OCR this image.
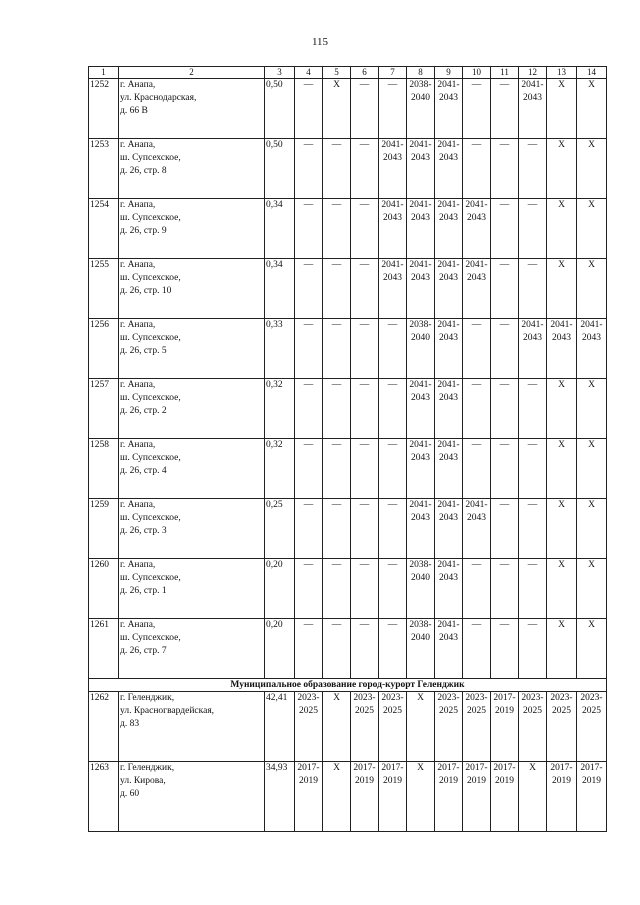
115
1	2	3	4	5	6	7	8	9	10	11	12	13	14
1252	г. Анапа,
ул. Краснодарская,
д. 66 В	0,50	—	X	—	—	2038-2040	2041-2043	—	—	2041-2043	X	X
1253	г. Анапа,
ш. Супсехское,
д. 26, стр. 8	0,50	—	—	—	2041-2043	2041-2043	2041-2043	—	—	—	X	X
1254	г. Анапа,
ш. Супсехское,
д. 26, стр. 9	0,34	—	—	—	2041-2043	2041-2043	2041-2043	2041-2043	—	—	X	X
1255	г. Анапа,
ш. Супсехское,
д. 26, стр. 10	0,34	—	—	—	2041-2043	2041-2043	2041-2043	2041-2043	—	—	X	X
1256	г. Анапа,
ш. Супсехское,
д. 26, стр. 5	0,33	—	—	—	—	2038-2040	2041-2043	—	—	2041-2043	2041-2043	2041-2043
1257	г. Анапа,
ш. Супсехское,
д. 26, стр. 2	0,32	—	—	—	—	2041-2043	2041-2043	—	—	—	X	X
1258	г. Анапа,
ш. Супсехское,
д. 26, стр. 4	0,32	—	—	—	—	2041-2043	2041-2043	—	—	—	X	X
1259	г. Анапа,
ш. Супсехское,
д. 26, стр. 3	0,25	—	—	—	—	2041-2043	2041-2043	2041-2043	—	—	X	X
1260	г. Анапа,
ш. Супсехское,
д. 26, стр. 1	0,20	—	—	—	—	2038-2040	2041-2043	—	—	—	X	X
1261	г. Анапа,
ш. Супсехское,
д. 26, стр. 7	0,20	—	—	—	—	2038-2040	2041-2043	—	—	—	X	X
Муниципальное образование город-курорт Геленджик													
1262	г. Геленджик,
ул. Красногвардейская,
д. 83	42,41	2023-2025	X	2023-2025	2023-2025	X	2023-2025	2023-2025	2017-2019	2023-2025	2023-2025	2023-2025
1263	г. Геленджик,
ул. Кирова,
д. 60	34,93	2017-2019	X	2017-2019	2017-2019	X	2017-2019	2017-2019	2017-2019	X	2017-2019	2017-2019
